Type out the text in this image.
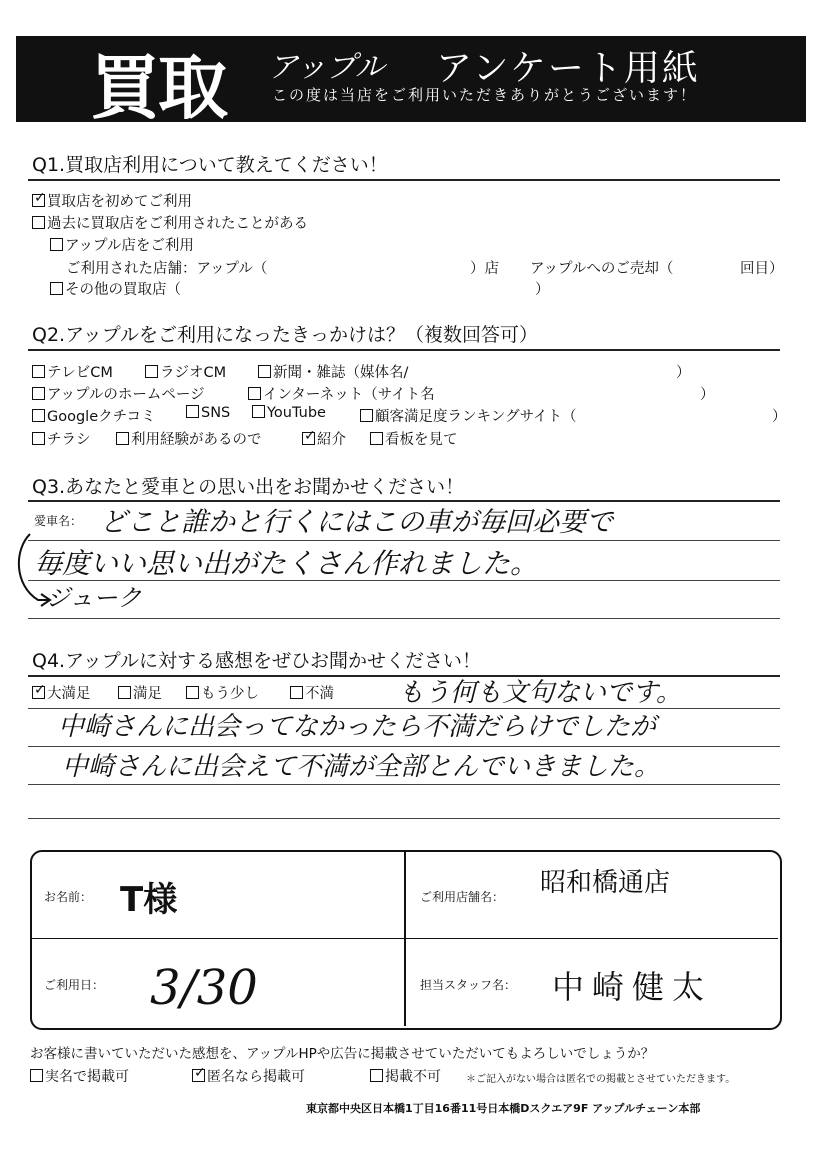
買取 アップル アンケート用紙
この度は当店をご利用いただきありがとうございます！
Q1.買取店利用について教えてください！
✓ 買取店を初めてご利用
過去に買取店をご利用されたことがある
アップル店をご利用
ご利用された店舗：アップル（	）店 アップルへのご売却（	回目）
その他の買取店（	）
Q2.アップルをご利用になったきっかけは？（複数回答可）
テレビCM	ラジオCM	新聞・雑誌（媒体名/	）
アップルのホームページ	インターネット（サイト名	）
Googleクチコミ	SNS	YouTube	顧客満足度ランキングサイト（	）
チラシ	利用経験があるので	✓ 紹介	看板を見て
Q3.あなたと愛車との思い出をお聞かせください！
愛車名： どこと誰かと行くにはこの車が毎回必要で
毎度いい思い出がたくさん作れました。
ジューク
Q4.アップルに対する感想をぜひお聞かせください！
✓ 大満足	満足	もう少し	不満 もう何も文句ないです。
中崎さんに出会ってなかったら不満だらけでしたが
中崎さんに出会えて不満が全部とんでいきました。
お名前： T様	ご利用店舗名： 昭和橋通店
ご利用日： 3/30	担当スタッフ名： 中崎健太
お客様に書いていただいた感想を、アップルHPや広告に掲載させていただいてもよろしいでしょうか？
実名で掲載可	✓ 匿名なら掲載可	掲載不可	＊ご記入がない場合は匿名での掲載とさせていただきます。
東京都中央区日本橋1丁目16番11号日本橋Dスクエア9F アップルチェーン本部
